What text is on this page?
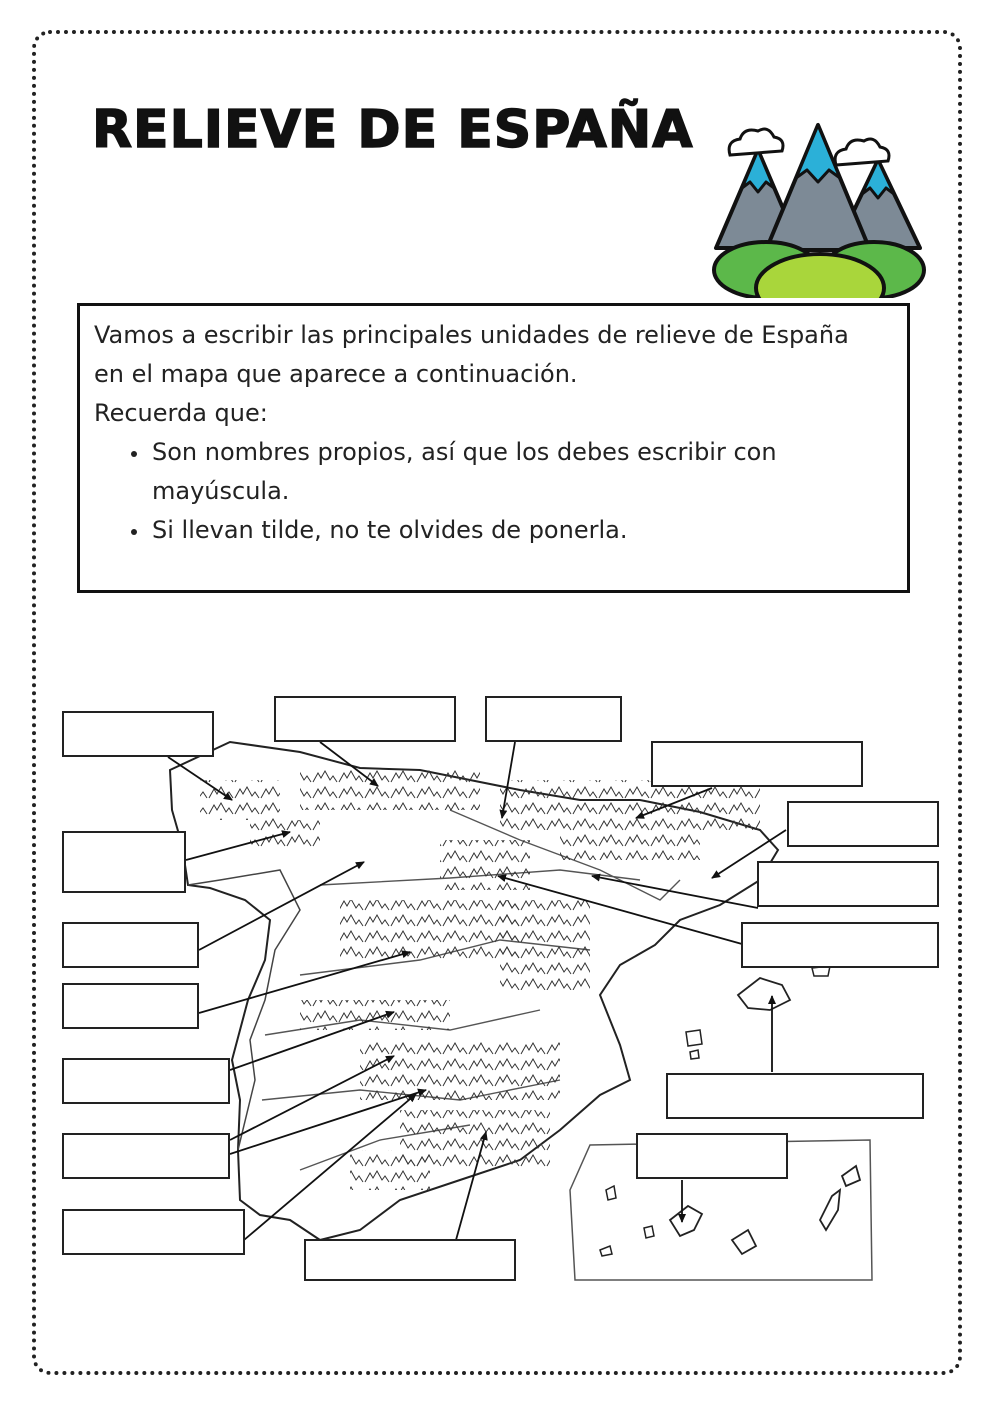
RELIEVE DE ESPAÑA

Vamos a escribir las principales unidades de relieve de España

en el mapa que aparece a continuación.

Recuerda que:

• Son nombres propios, así que los debes escribir con mayúscula.
• Si llevan tilde, no te olvides de ponerla.
